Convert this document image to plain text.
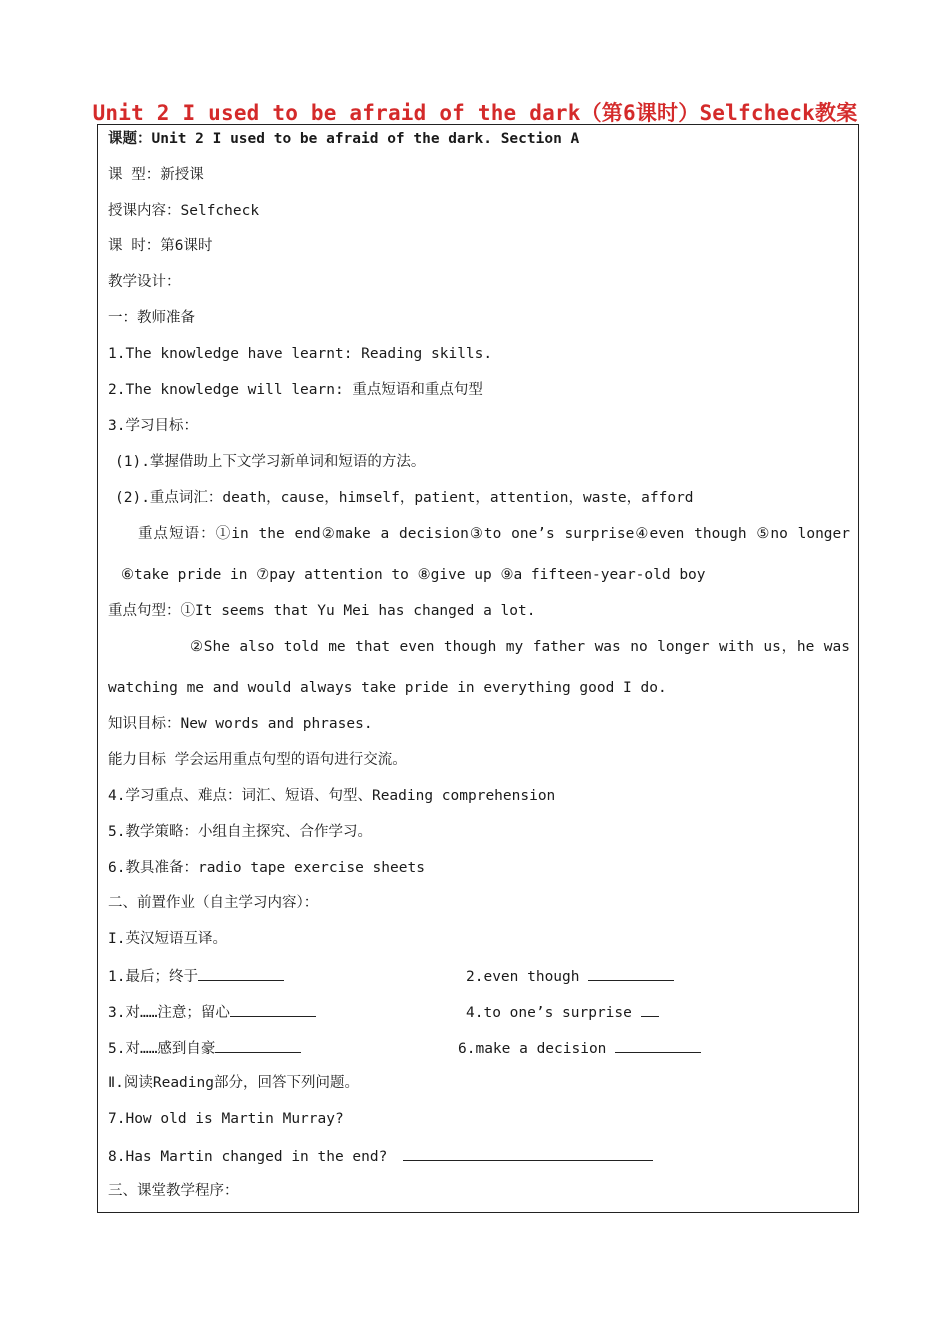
Unit 2 I used to be afraid of the dark（第6课时）Selfcheck教案
课题：Unit 2 I used to be afraid of the dark. Section A
课 型：新授课
授课内容：Selfcheck
课 时：第6课时
教学设计：
一：教师准备
1.The knowledge have learnt: Reading skills.
2.The knowledge will learn: 重点短语和重点句型
3.学习目标：
(1).掌握借助上下文学习新单词和短语的方法。
(2).重点词汇：death，cause，himself，patient，attention，waste，afford
重点短语：①in the end②make a decision③to one’s surprise④even though ⑤no longer
⑥take pride in ⑦pay attention to ⑧give up ⑨a fifteen-year-old boy
重点句型：①It seems that Yu Mei has changed a lot.
②She also told me that even though my father was no longer with us，he was
watching me and would always take pride in everything good I do.
知识目标：New words and phrases.
能力目标 学会运用重点句型的语句进行交流。
4.学习重点、难点：词汇、短语、句型、Reading comprehension
5.教学策略：小组自主探究、合作学习。
6.教具准备：radio tape exercise sheets
二、前置作业（自主学习内容）：
I.英汉短语互译。
1.最后；终于	2.even though
3.对……注意；留心	4.to one’s surprise
5.对……感到自豪	6.make a decision
Ⅱ.阅读Reading部分，回答下列问题。
7.How old is Martin Murray?
8.Has Martin changed in the end?
三、课堂教学程序：
